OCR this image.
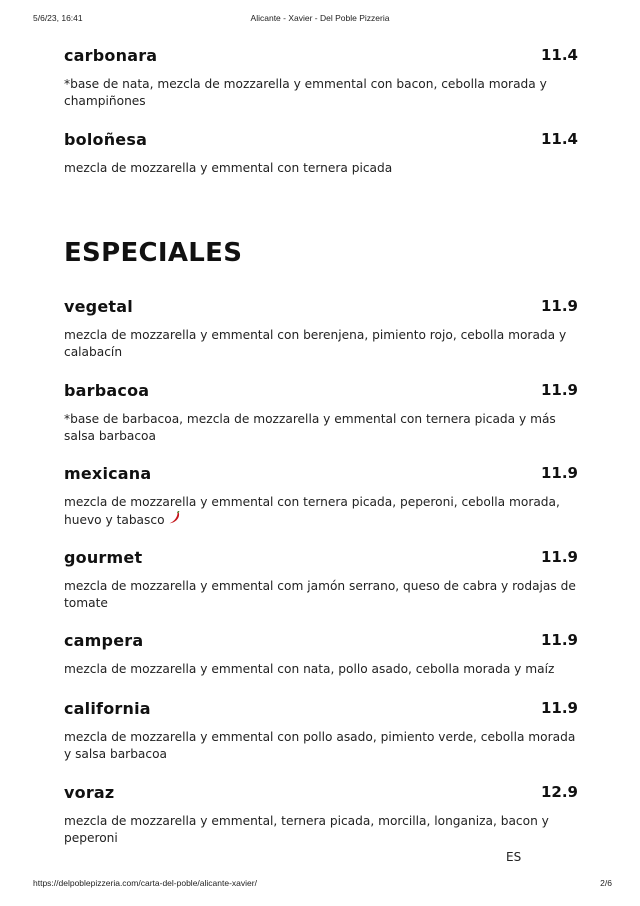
5/6/23, 16:41	Alicante - Xavier - Del Poble Pizzeria
carbonara	11.4
*base de nata, mezcla de mozzarella y emmental con bacon, cebolla morada y champiñones
boloñesa	11.4
mezcla de mozzarella y emmental con ternera picada
vegetal	11.9
mezcla de mozzarella y emmental con berenjena, pimiento rojo, cebolla morada y calabacín
barbacoa	11.9
*base de barbacoa, mezcla de mozzarella y emmental con ternera picada y más salsa barbacoa
mexicana	11.9
mezcla de mozzarella y emmental con ternera picada, peperoni, cebolla morada, huevo y tabasco
gourmet	11.9
mezcla de mozzarella y emmental com jamón serrano, queso de cabra y rodajas de tomate
campera	11.9
mezcla de mozzarella y emmental con nata, pollo asado, cebolla morada y maíz
california	11.9
mezcla de mozzarella y emmental con pollo asado, pimiento verde, cebolla morada y salsa barbacoa
voraz	12.9
mezcla de mozzarella y emmental, ternera picada, morcilla, longaniza, bacon y peperoni
ESPECIALES
ES
https://delpoblepizzeria.com/carta-del-poble/alicante-xavier/	2/6
